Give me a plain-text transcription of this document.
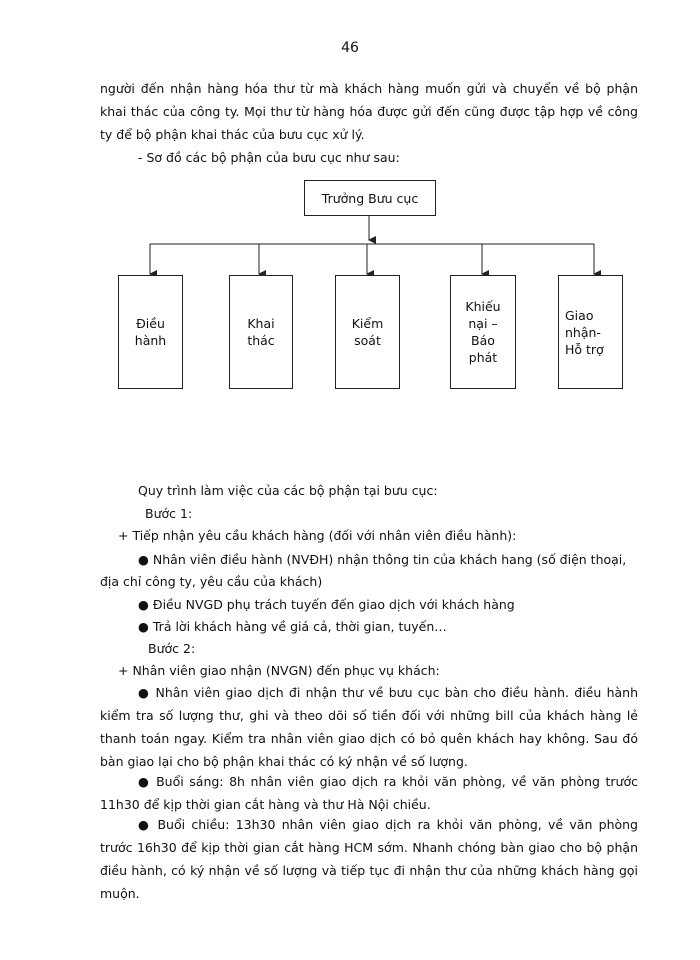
46
người đến nhận hàng hóa thư từ mà khách hàng muốn gửi và chuyển về bộ phận khai thác của công ty. Mọi thư từ hàng hóa được gửi đến cũng được tập hợp về công ty để bộ phận khai thác của bưu cục xử lý.
- Sơ đồ các bộ phận của bưu cục như sau:
Trưởng Bưu cục
Điều
hành
Khai
thác
Kiểm
soát
Khiếu
nại –
Báo
phát
Giao
nhận-
Hỗ trợ
Quy trình làm việc của các bộ phận tại bưu cục:
Bước 1:
+ Tiếp nhận yêu cầu khách hàng (đối với nhân viên điều hành):
● Nhân viên điều hành (NVĐH) nhận thông tin của khách hang (số điện thoại,
địa chỉ công ty, yêu cầu của khách)
● Điều NVGD phụ trách tuyến đến giao dịch với khách hàng
● Trả lời khách hàng về giá cả, thời gian, tuyến…
Bước 2:
+ Nhân viên giao nhận (NVGN) đến phục vụ khách:
● Nhân viên giao dịch đi nhận thư về bưu cục bàn cho điều hành. điều hành kiểm tra số lượng thư, ghi và theo dõi số tiền đối với những bill của khách hàng lẻ thanh toán ngay. Kiểm tra nhân viên giao dịch có bỏ quên khách hay không. Sau đó bàn giao lại cho bộ phận khai thác có ký nhận về số lượng.
● Buổi sáng: 8h nhân viên giao dịch ra khỏi văn phòng, về văn phòng trước 11h30 để kịp thời gian cắt hàng và thư Hà Nội chiều.
● Buổi chiều: 13h30 nhân viên giao dịch ra khỏi văn phòng, về văn phòng trước 16h30 để kịp thời gian cắt hàng HCM sớm. Nhanh chóng bàn giao cho bộ phận điều hành, có ký nhận về số lượng và tiếp tục đi nhận thư của những khách hàng gọi muộn.
